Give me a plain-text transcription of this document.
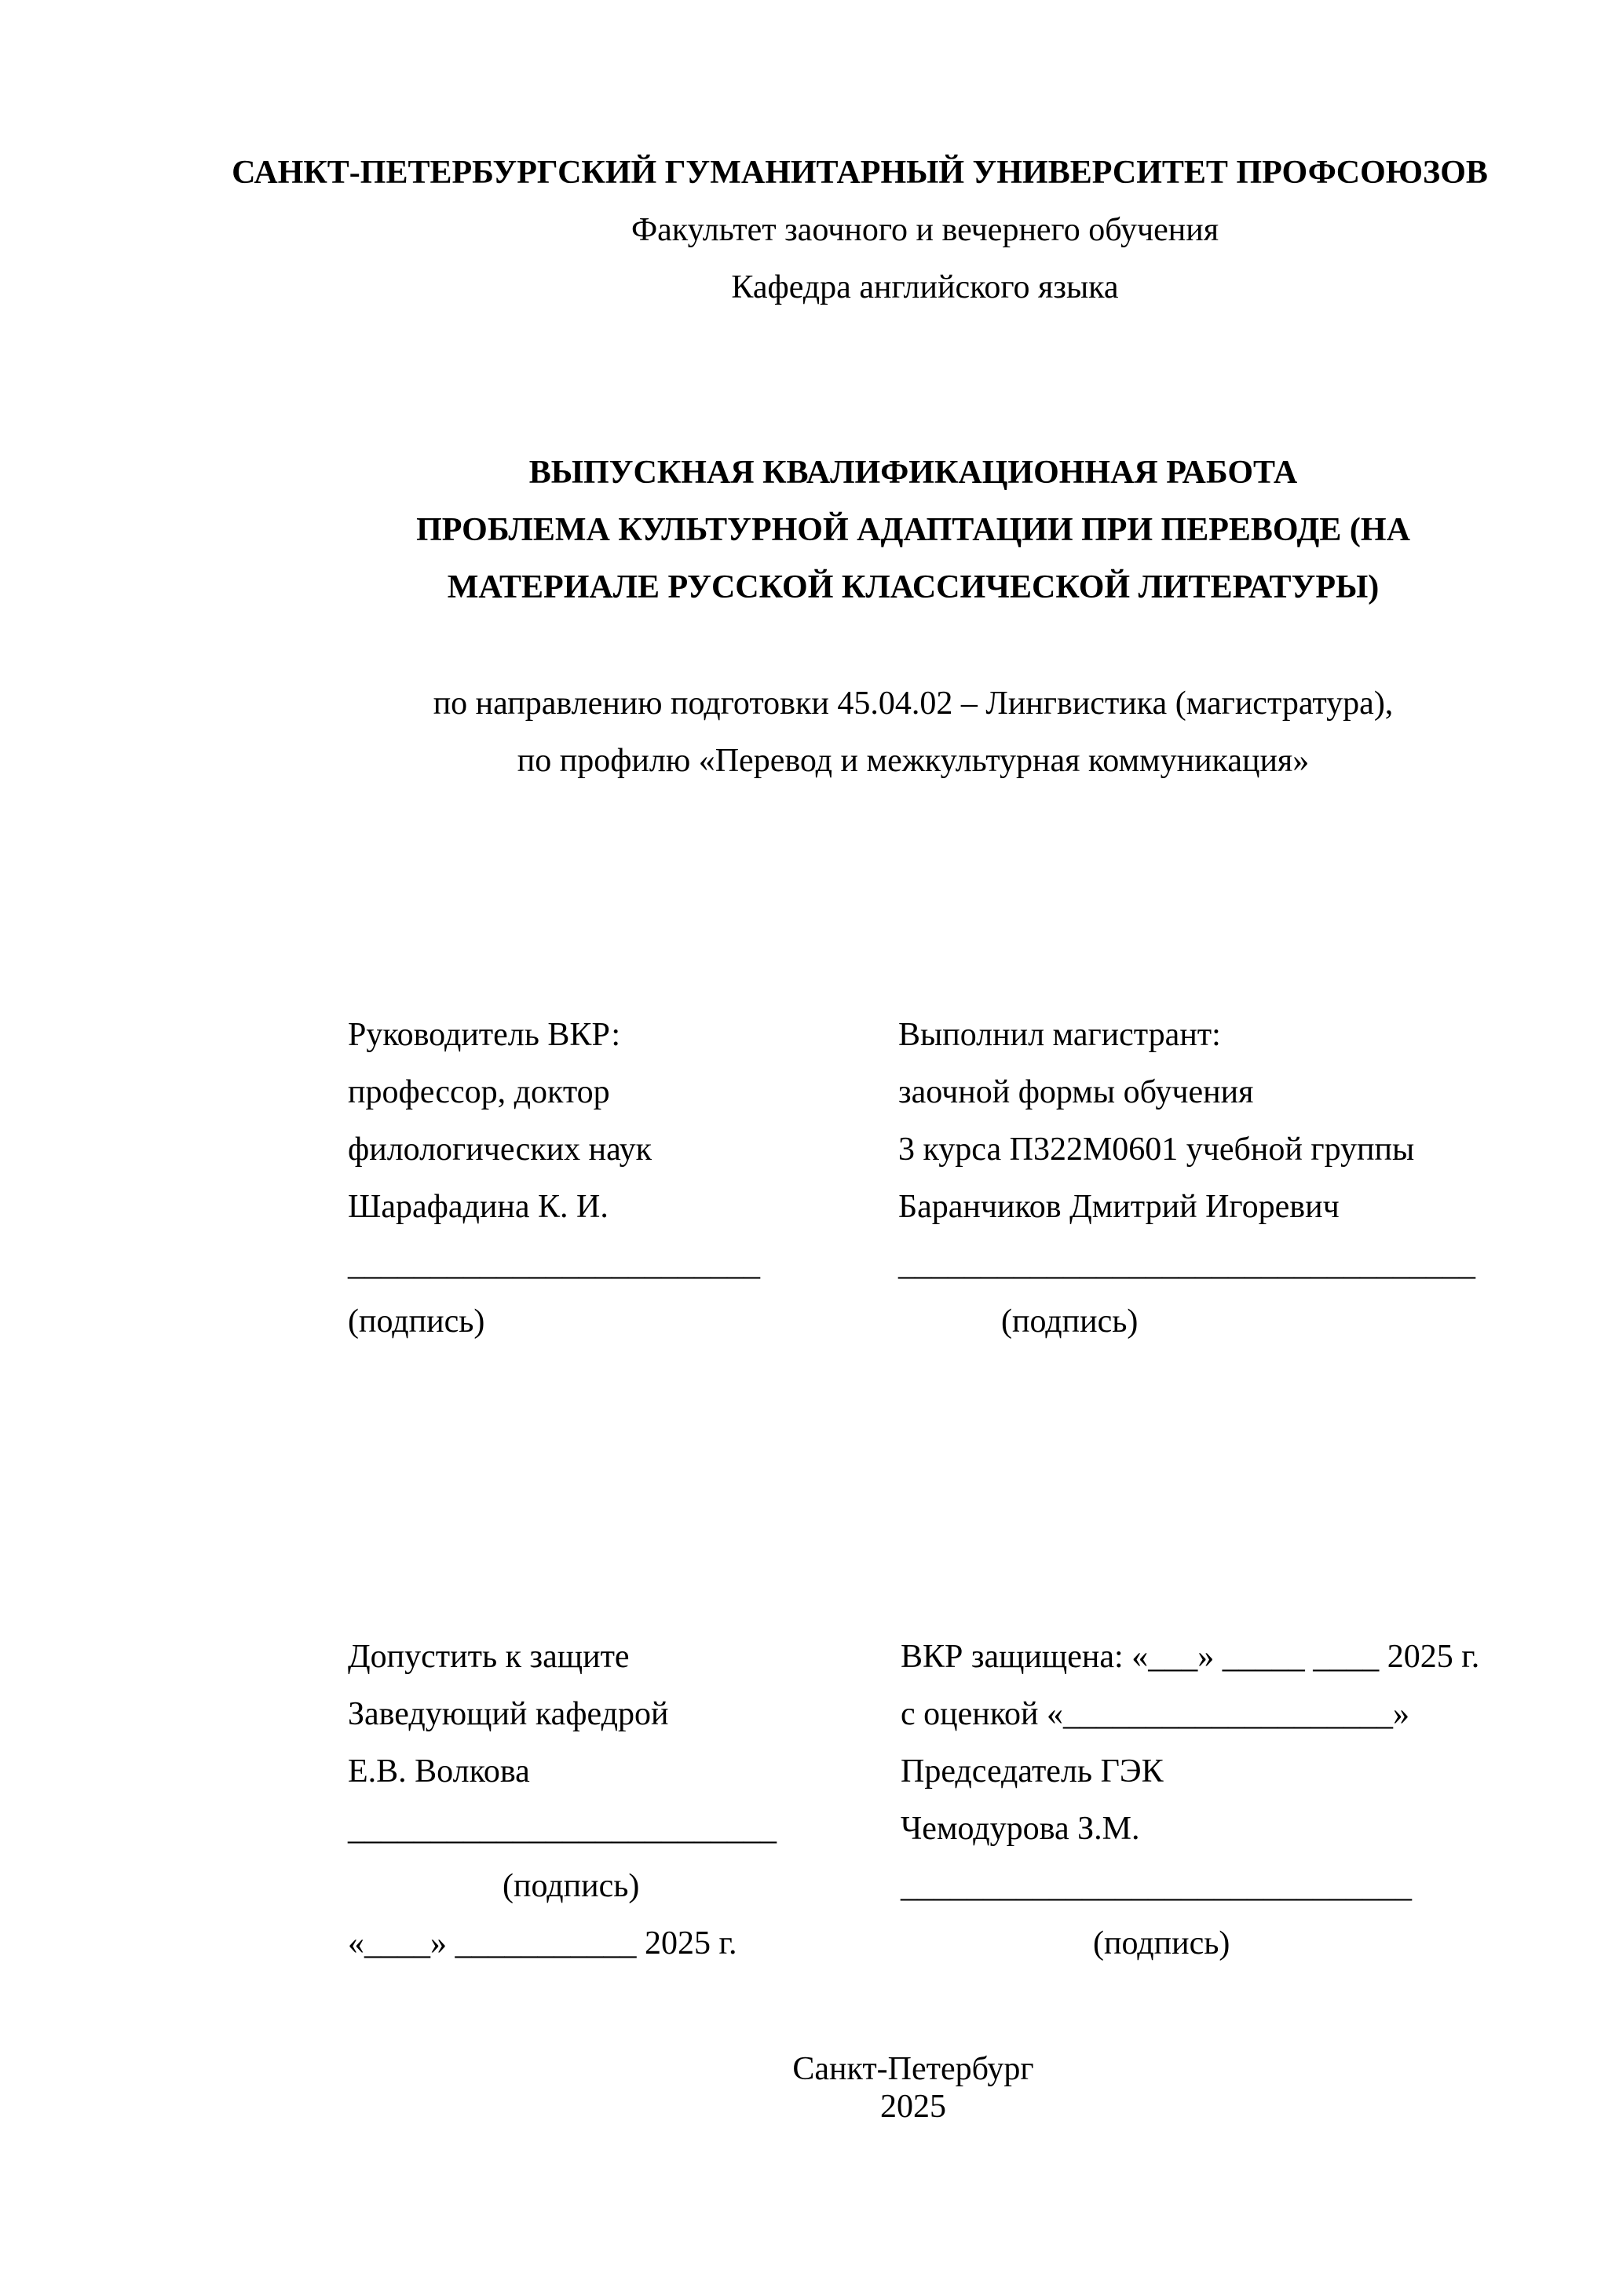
САНКТ-ПЕТЕРБУРГСКИЙ ГУМАНИТАРНЫЙ УНИВЕРСИТЕТ ПРОФСОЮЗОВ
Факультет заочного и вечернего обучения
Кафедра английского языка
ВЫПУСКНАЯ КВАЛИФИКАЦИОННАЯ РАБОТА
ПРОБЛЕМА КУЛЬТУРНОЙ АДАПТАЦИИ ПРИ ПЕРЕВОДЕ (НА
МАТЕРИАЛЕ РУССКОЙ КЛАССИЧЕСКОЙ ЛИТЕРАТУРЫ)
по направлению подготовки 45.04.02 – Лингвистика (магистратура),
по профилю «Перевод и межкультурная коммуникация»
Руководитель ВКР:
профессор, доктор
филологических наук
Шарафадина К. И.
_________________________
(подпись)
Выполнил магистрант:
заочной формы обучения
3 курса П322М0601 учебной группы
Баранчиков Дмитрий Игоревич
___________________________________
(подпись)
Допустить к защите
Заведующий кафедрой
Е.В. Волкова
__________________________
(подпись)
«____» ___________ 2025 г.
ВКР защищена: «___» _____ ____ 2025 г.
с оценкой «____________________»
Председатель ГЭК
Чемодурова З.М.
_______________________________
(подпись)
Санкт-Петербург
2025
